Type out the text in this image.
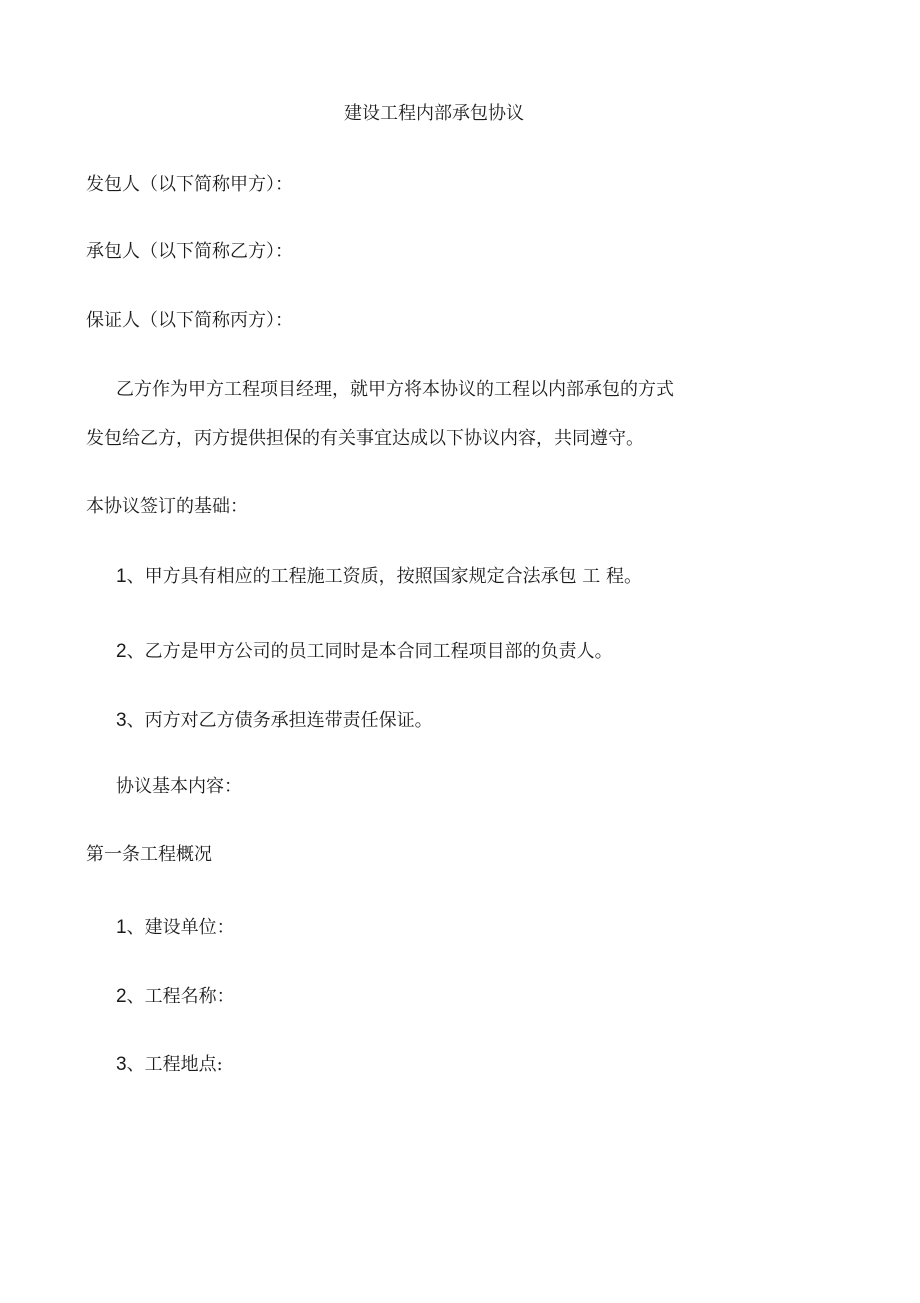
建设工程内部承包协议
发包人（以下简称甲方）：
承包人（以下简称乙方）：
保证人（以下简称丙方）：
乙方作为甲方工程项目经理，就甲方将本协议的工程以内部承包的方式
发包给乙方，丙方提供担保的有关事宜达成以下协议内容，共同遵守。
本协议签订的基础：
1、甲方具有相应的工程施工资质，按照国家规定合法承包 工 程。
2、乙方是甲方公司的员工同时是本合同工程项目部的负责人。
3、丙方对乙方债务承担连带责任保证。
协议基本内容：
第一条工程概况
1、建设单位：
2、工程名称：
3、工程地点:
